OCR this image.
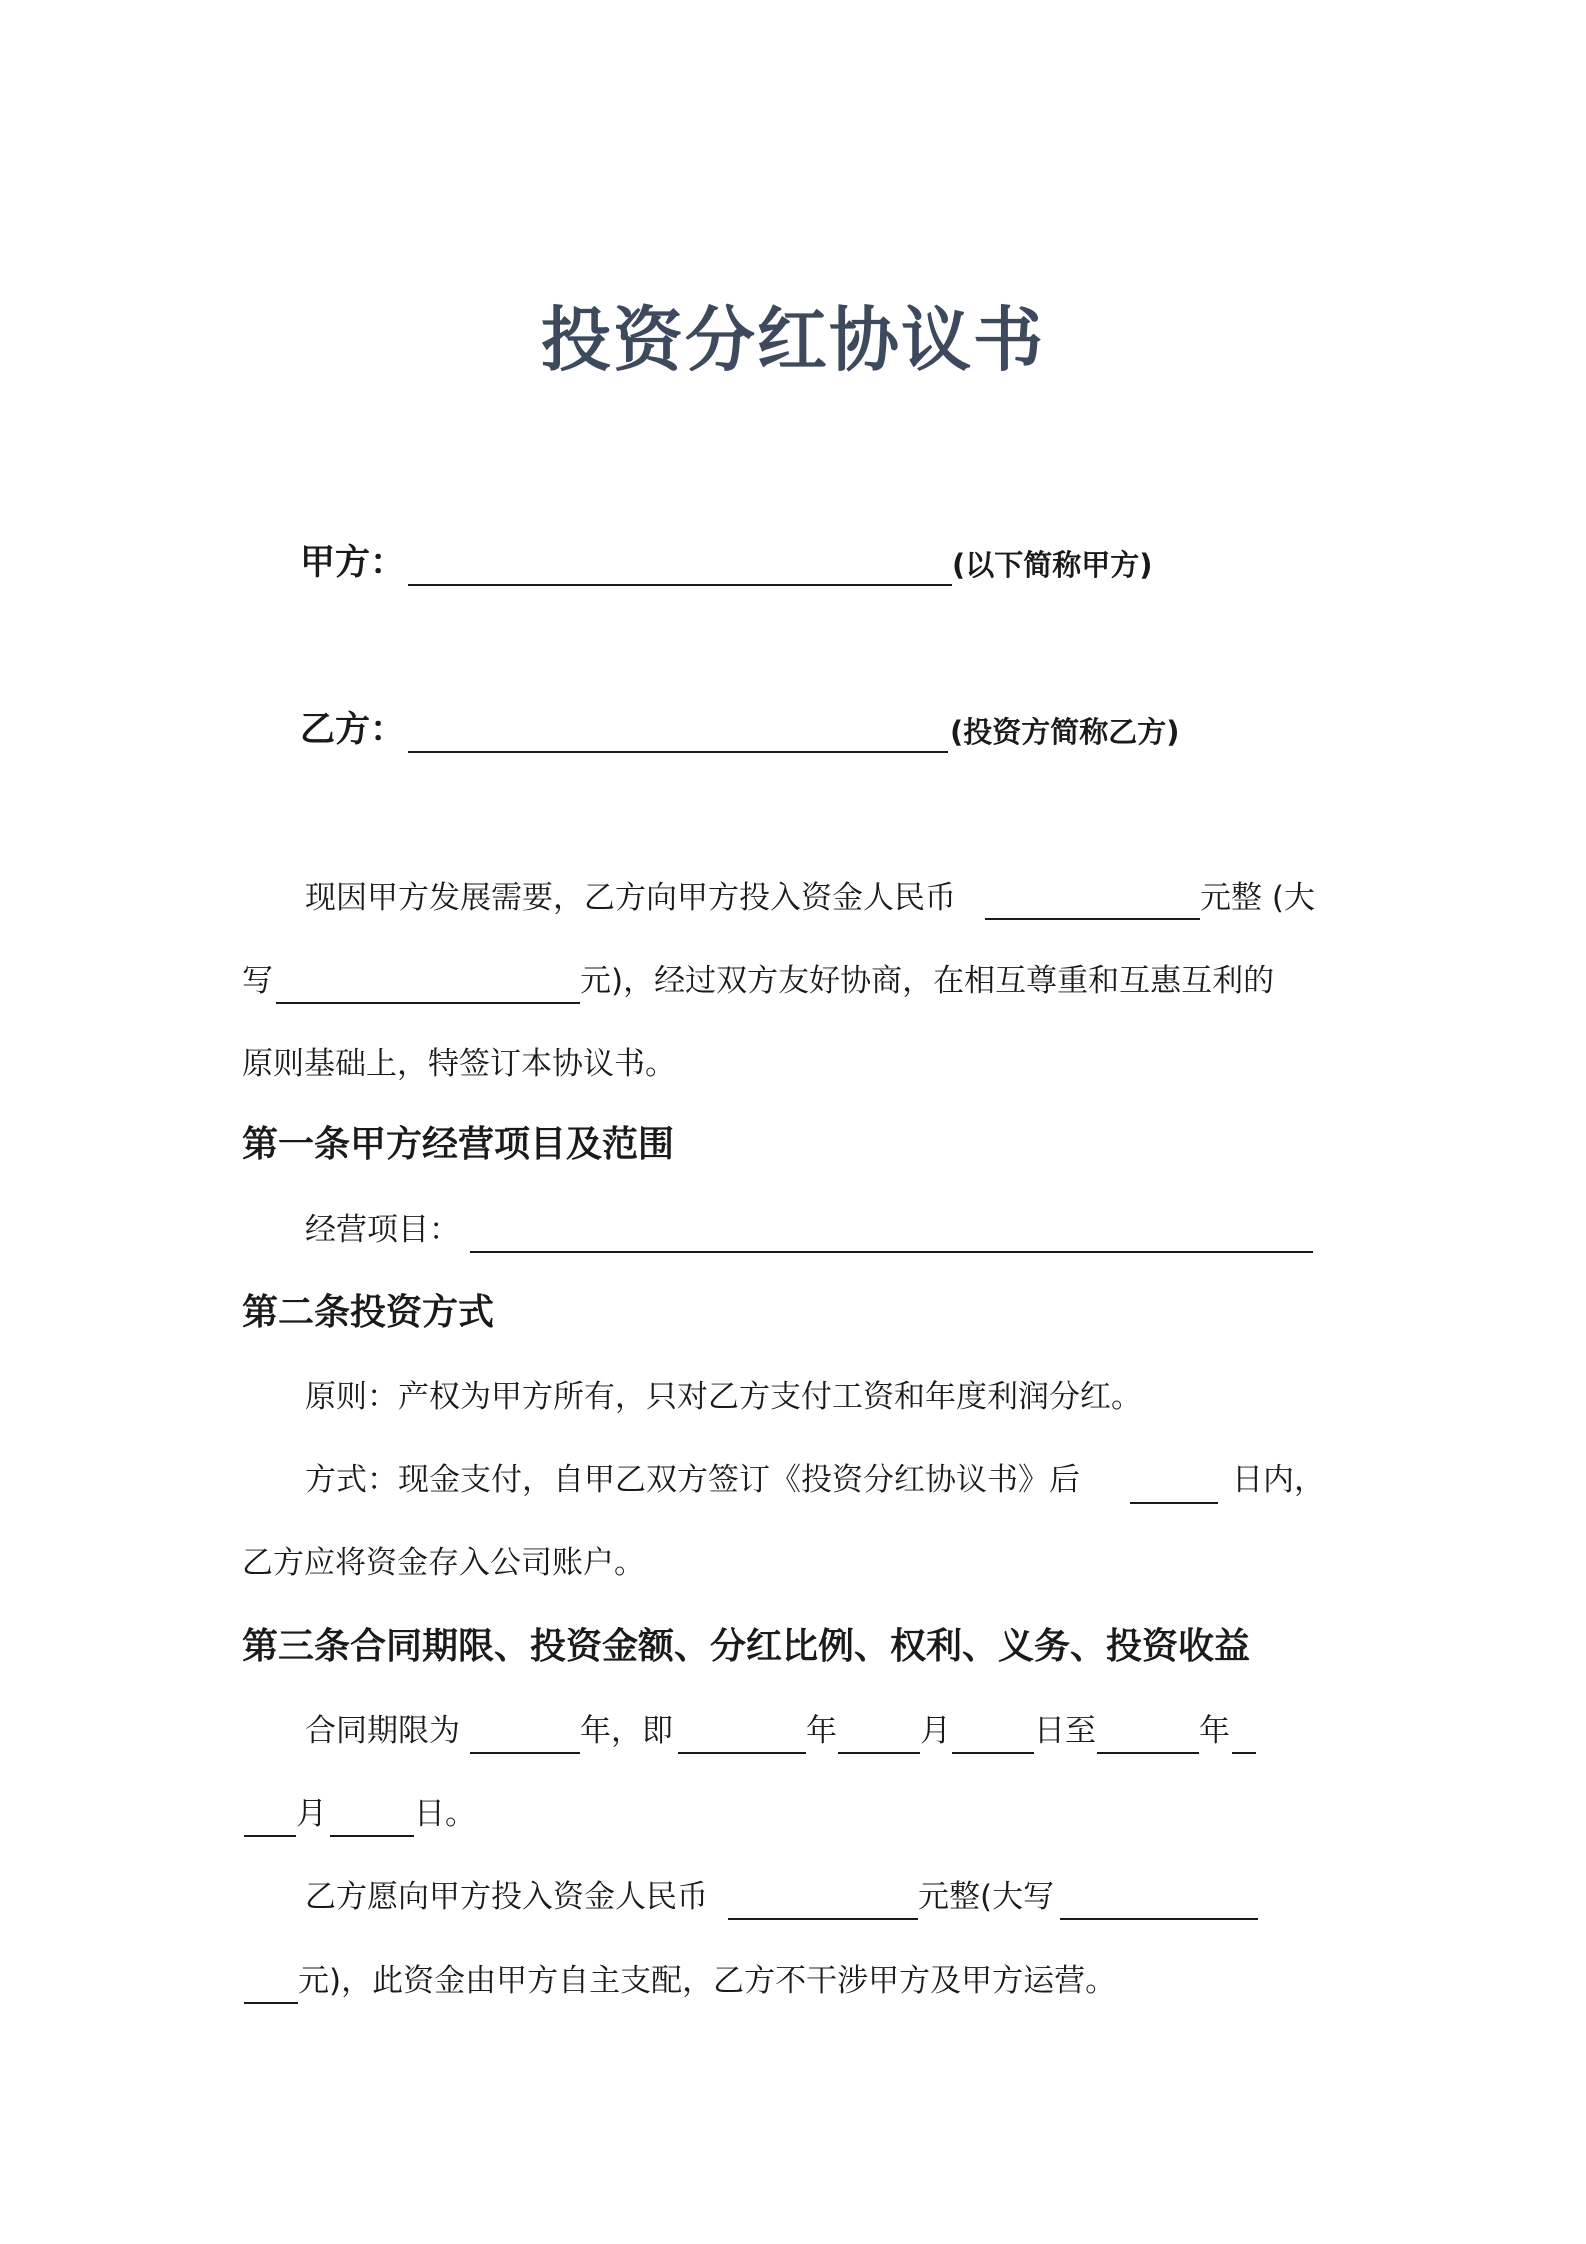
投资分红协议书
甲方：	(以下简称甲方)
乙方：	(投资方简称乙方)
现因甲方发展需要，乙方向甲方投入资金人民币	元整 (大
写	元)，经过双方友好协商，在相互尊重和互惠互利的
原则基础上，特签订本协议书。
第一条甲方经营项目及范围
经营项目：
第二条投资方式
原则：产权为甲方所有，只对乙方支付工资和年度利润分红。
方式：现金支付，自甲乙双方签订《投资分红协议书》后	日内，
乙方应将资金存入公司账户。
第三条合同期限、投资金额、分红比例、权利、义务、投资收益
合同期限为	年，即	年	月	日至	年
月	日。
乙方愿向甲方投入资金人民币	元整(大写
元)，此资金由甲方自主支配，乙方不干涉甲方及甲方运营。
